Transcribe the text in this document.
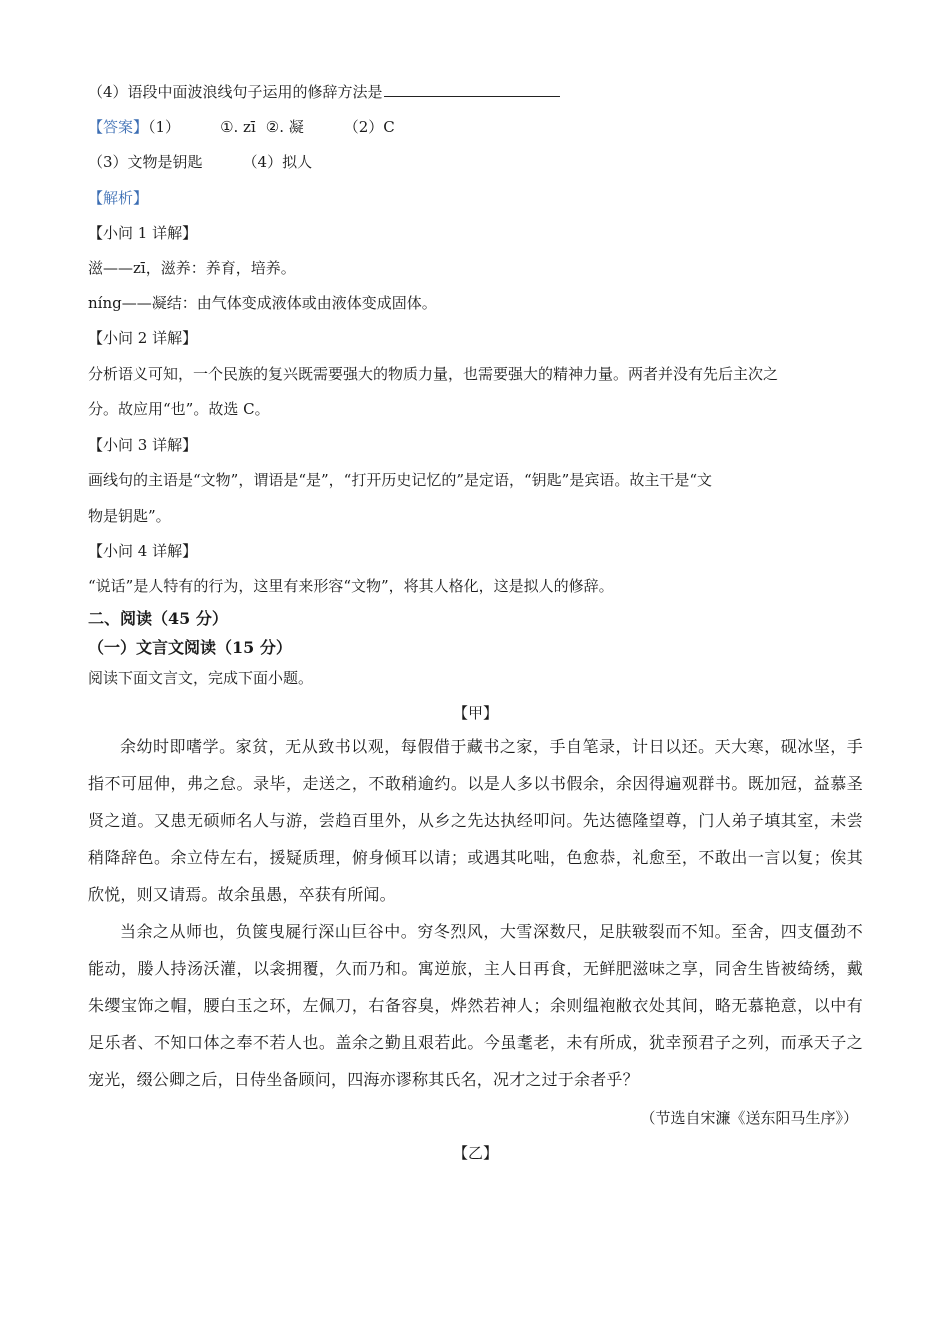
（4）语段中面波浪线句子运用的修辞方法是
【答案】（1）	①. zī ②. 凝	（2）C
（3）文物是钥匙	（4）拟人
【解析】
【小问 1 详解】
滋——zī，滋养：养育，培养。
níng——凝结：由气体变成液体或由液体变成固体。
【小问 2 详解】
分析语义可知，一个民族的复兴既需要强大的物质力量，也需要强大的精神力量。两者并没有先后主次之
分。故应用“也”。故选 C。
【小问 3 详解】
画线句的主语是“文物”，谓语是“是”，“打开历史记忆的”是定语，“钥匙”是宾语。故主干是“文
物是钥匙”。
【小问 4 详解】
“说话”是人特有的行为，这里有来形容“文物”，将其人格化，这是拟人的修辞。
二、阅读（45 分）
（一）文言文阅读（15 分）
阅读下面文言文，完成下面小题。
【甲】

余幼时即嗜学。家贫，无从致书以观，每假借于藏书之家，手自笔录，计日以还。天大寒，砚冰坚，手指不可屈伸，弗之怠。录毕，走送之，不敢稍逾约。以是人多以书假余，余因得遍观群书。既加冠，益慕圣贤之道。又患无硕师名人与游，尝趋百里外，从乡之先达执经叩问。先达德隆望尊，门人弟子填其室，未尝稍降辞色。余立侍左右，援疑质理，俯身倾耳以请；或遇其叱咄，色愈恭，礼愈至，不敢出一言以复；俟其欣悦，则又请焉。故余虽愚，卒获有所闻。

当余之从师也，负箧曳屣行深山巨谷中。穷冬烈风，大雪深数尺，足肤皲裂而不知。至舍，四支僵劲不能动，媵人持汤沃灌，以衾拥覆，久而乃和。寓逆旅，主人日再食，无鲜肥滋味之享，同舍生皆被绮绣，戴朱缨宝饰之帽，腰白玉之环，左佩刀，右备容臭，烨然若神人；余则缊袍敝衣处其间，略无慕艳意，以中有足乐者、不知口体之奉不若人也。盖余之勤且艰若此。今虽耄老，未有所成，犹幸预君子之列，而承天子之宠光，缀公卿之后，日侍坐备顾问，四海亦谬称其氏名，况才之过于余者乎？

（节选自宋濂《送东阳马生序》）
【乙】
